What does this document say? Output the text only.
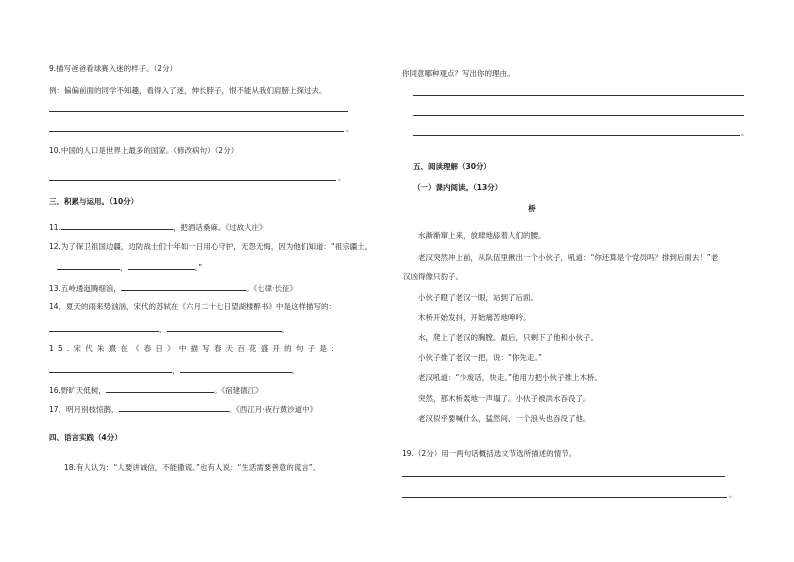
9.描写爸爸看球赛入迷的样子。（2分）
例：偏偏前面的同学不知趣，看得入了迷，伸长脖子，恨不能从我们肩膀上探过去。
。
10.中国的人口是世界上最多的国家。（修改病句）（2分）
。
三、积累与运用。（10分）
11.	，把酒话桑麻。《过故人庄》
12.为了保卫祖国边疆，边防战士们十年如一日用心守护，无怨无悔，因为他们知道：“祖宗疆土，
，	。”
13.五岭逶迤腾细浪，	。《七律·长征》
14．夏天的雨来势汹汹，宋代的苏轼在《六月二十七日望湖楼醉书》中是这样描写的：
，	。
15.宋代朱熹在《春日》中描写春天百花盛开的句子是：
，	。
16.野旷天低树，	。《宿建德江》
17．明月别枝惊鹊，	。《西江月·夜行黄沙道中》
四、语言实践（4分）
18.有人认为：“人要讲诚信，不能撒谎。”也有人说：“生活需要善意的谎言”。
你同意哪种观点？写出你的理由。
。
五、阅读理解（30分）
（一）课内阅读。（13分）
桥
水渐渐窜上来，放肆地舔着人们的腰。
老汉突然冲上前，从队伍里揪出一个小伙子，吼道：“你还算是个党员吗？排到后面去！”老
汉凶得像只豹子。
小伙子瞪了老汉一眼，站到了后面。
木桥开始发抖，开始痛苦地呻吟。
水，爬上了老汉的胸膛。最后，只剩下了他和小伙子。
小伙子推了老汉一把，说：“你先走。”
老汉吼道：“少废话，快走。”他用力把小伙子推上木桥。
突然，那木桥轰地一声塌了。小伙子被洪水吞没了。
老汉似乎要喊什么，猛然间，一个浪头也吞没了他。
19.（2分）用一两句话概括选文节选所描述的情节。
。
